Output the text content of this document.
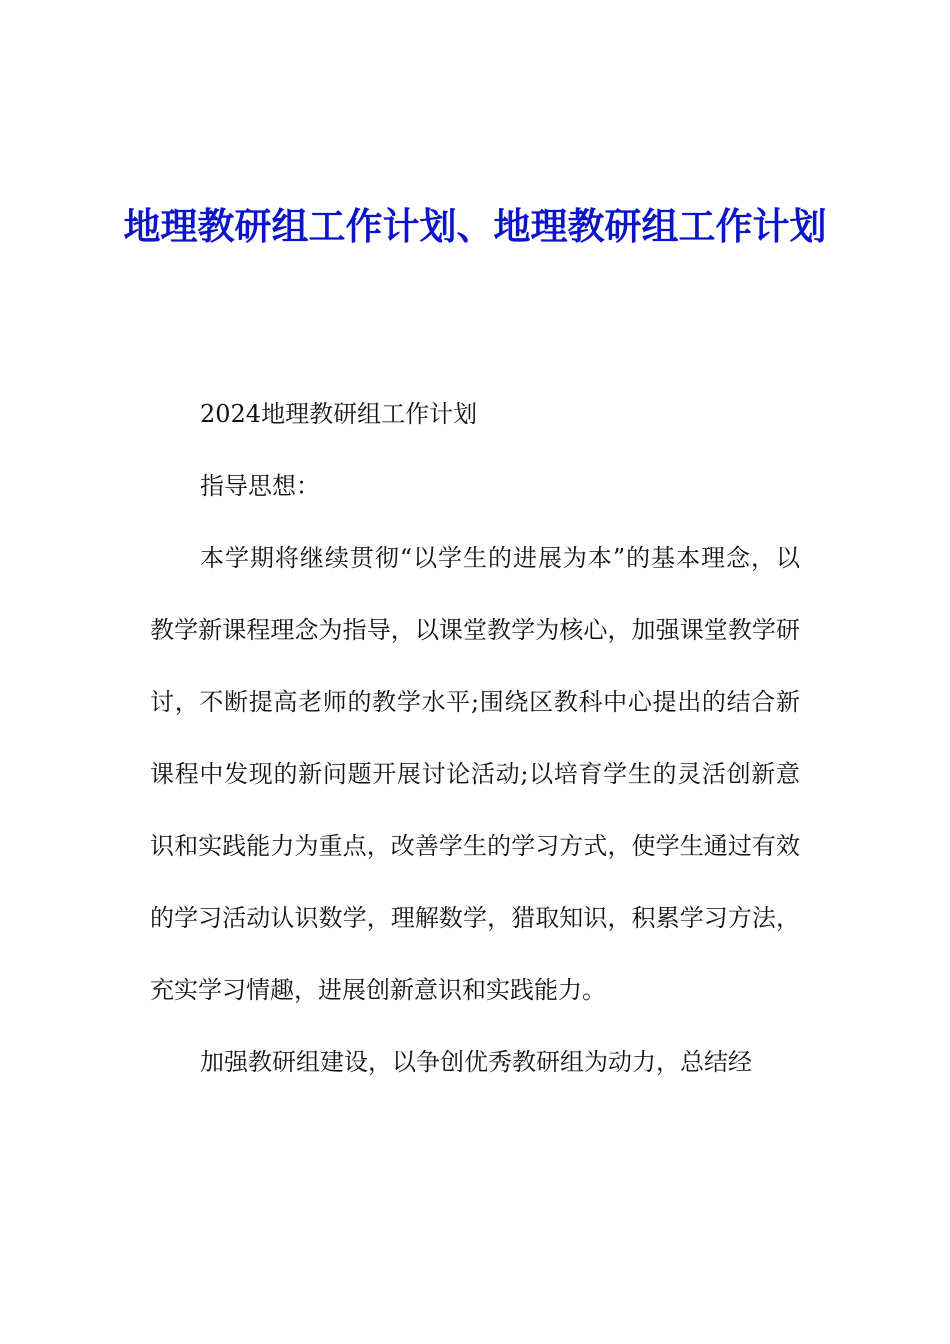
地理教研组工作计划、地理教研组工作计划

2024地理教研组工作计划

指导思想：

本学期将继续贯彻“以学生的进展为本”的基本理念，以教学新课程理念为指导，以课堂教学为核心，加强课堂教学研讨，不断提高老师的教学水平;围绕区教科中心提出的结合新课程中发现的新问题开展讨论活动;以培育学生的灵活创新意识和实践能力为重点，改善学生的学习方式，使学生通过有效的学习活动认识数学，理解数学，猎取知识，积累学习方法，充实学习情趣，进展创新意识和实践能力。

加强教研组建设，以争创优秀教研组为动力，总结经
